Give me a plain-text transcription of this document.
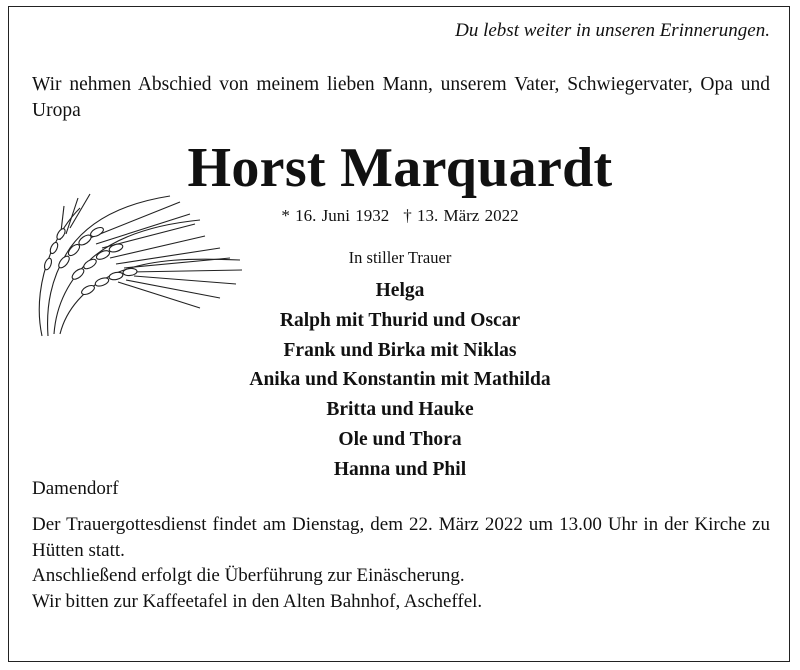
Du lebst weiter in unseren Erinnerungen.
Wir nehmen Abschied von meinem lieben Mann, unserem Vater, Schwiegervater, Opa und Uropa
Horst Marquardt
* 16. Juni 1932 † 13. März 2022
In stiller Trauer
Helga
Ralph mit Thurid und Oscar
Frank und Birka mit Niklas
Anika und Konstantin mit Mathilda
Britta und Hauke
Ole und Thora
Hanna und Phil
Damendorf

Der Trauergottesdienst findet am Dienstag, dem 22. März 2022 um 13.00 Uhr in der Kirche zu Hütten statt.

Anschließend erfolgt die Überführung zur Einäscherung.

Wir bitten zur Kaffeetafel in den Alten Bahnhof, Ascheffel.
